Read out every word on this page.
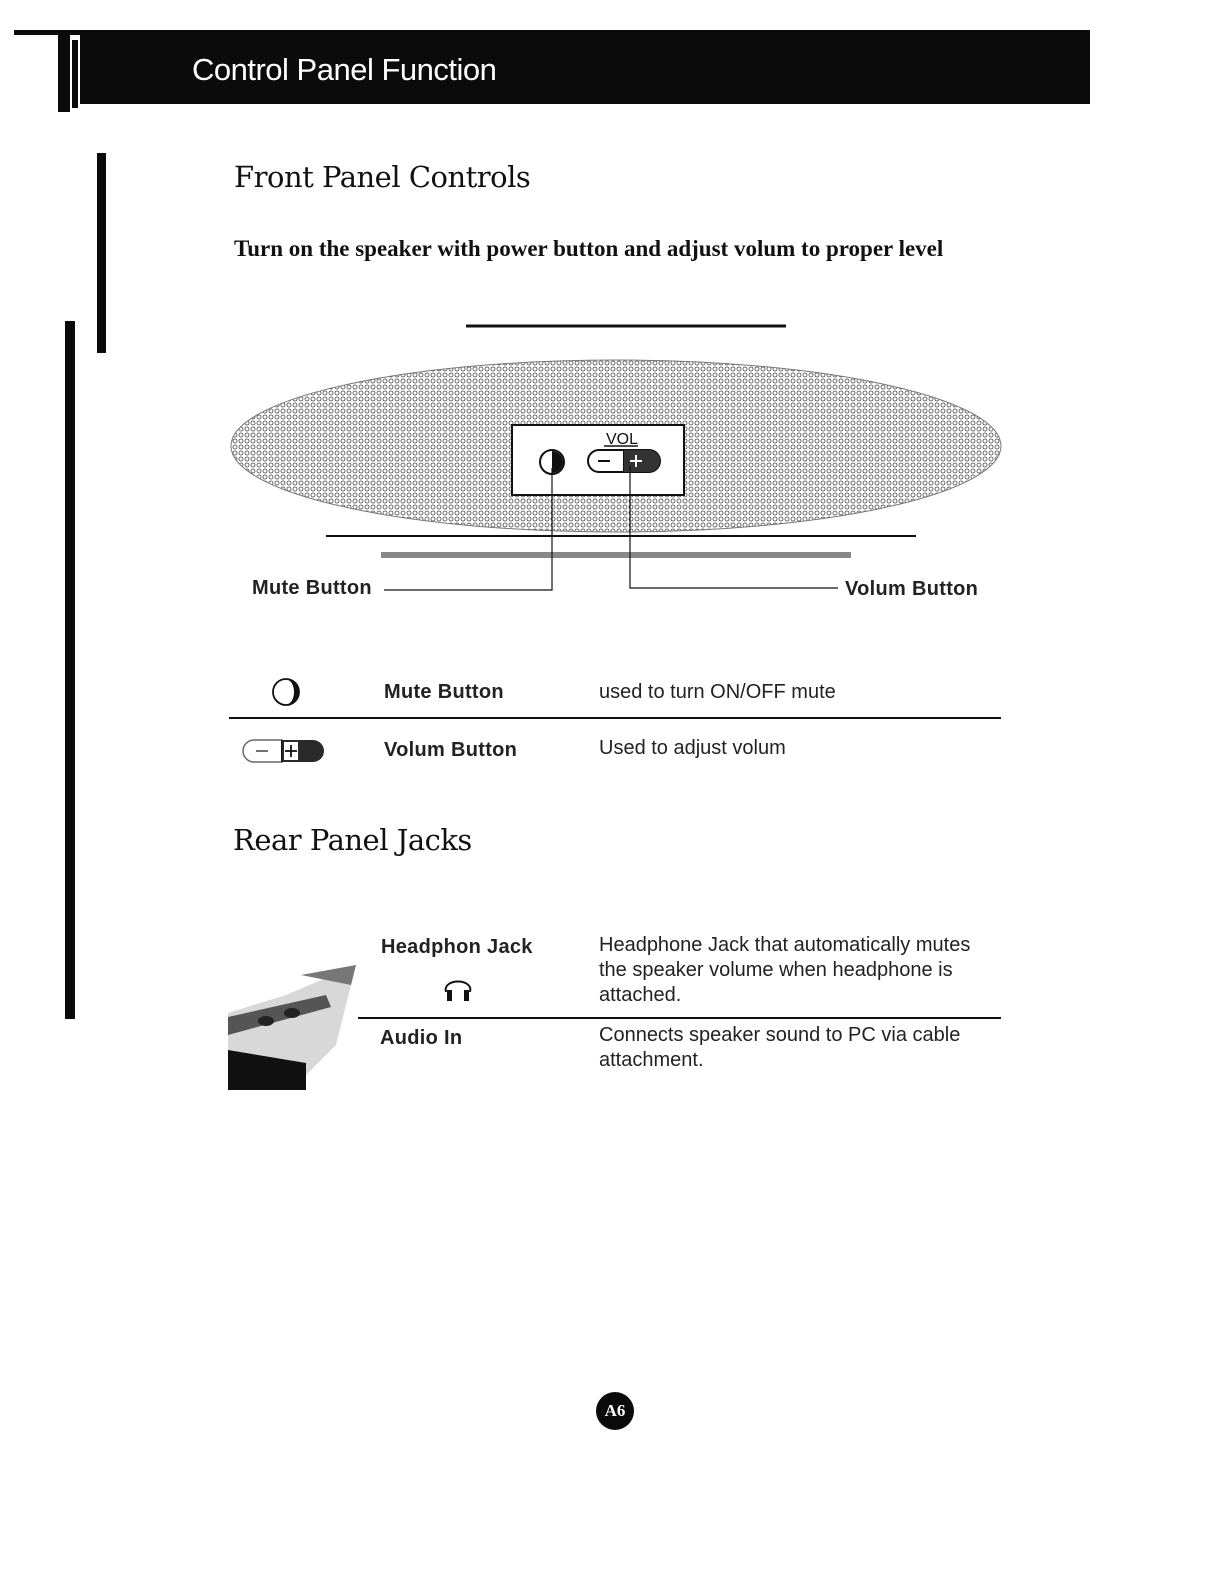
Control Panel Function
Front Panel Controls
Turn on the speaker with power button and adjust volum to proper level
VOL
Mute Button	Volum Button
Mute Button	used to turn ON/OFF mute
Volum Button	Used to adjust volum
Rear Panel Jacks
Headphon Jack	Headphone Jack that automatically mutes the speaker volume when headphone is attached.
Audio In	Connects speaker sound to PC via cable attachment.
A6
